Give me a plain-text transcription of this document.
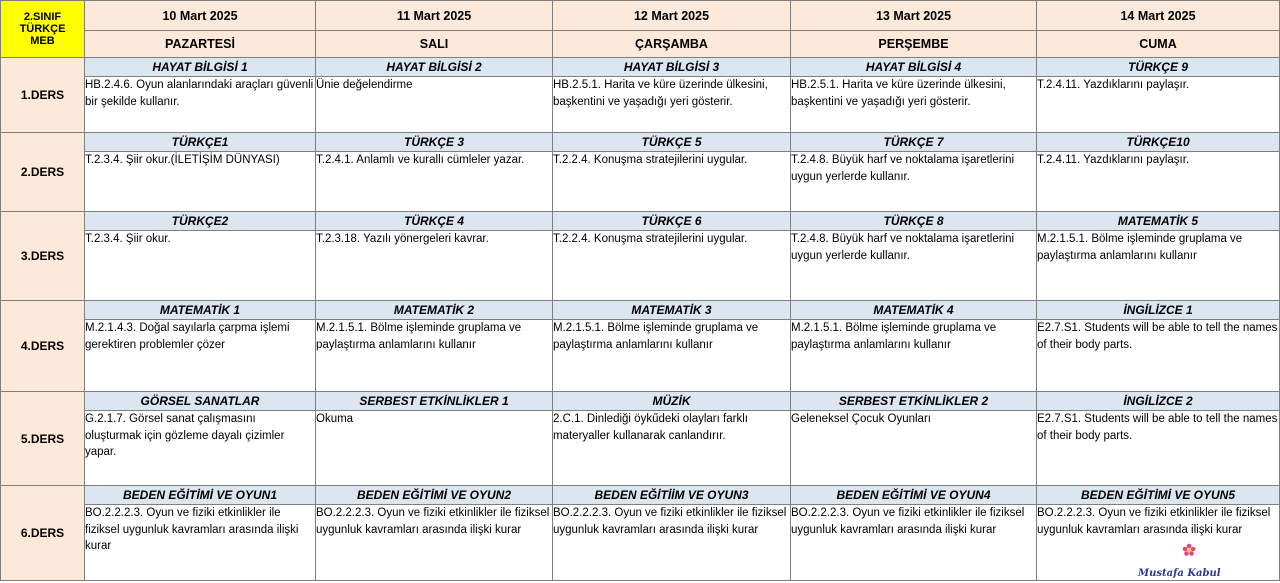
2.SINIF
TÜRKÇE
MEB	10 Mart 2025	11 Mart 2025	12 Mart 2025	13 Mart 2025	14 Mart 2025
	PAZARTESİ	SALI	ÇARŞAMBA	PERŞEMBE	CUMA
1.DERS	HAYAT BİLGİSİ 1	HAYAT BİLGİSİ 2	HAYAT BİLGİSİ 3	HAYAT BİLGİSİ 4	TÜRKÇE 9
	HB.2.4.6. Oyun alanlarındaki araçları güvenli bir şekilde kullanır.	Ünie değelendirme	HB.2.5.1. Harita ve küre üzerinde ülkesini, başkentini ve yaşadığı yeri gösterir.	HB.2.5.1. Harita ve küre üzerinde ülkesini, başkentini ve yaşadığı yeri gösterir.	T.2.4.11. Yazdıklarını paylaşır.
2.DERS	TÜRKÇE1	TÜRKÇE 3	TÜRKÇE 5	TÜRKÇE 7	TÜRKÇE10
	T.2.3.4. Şiir okur.(İLETİŞİM DÜNYASI)	T.2.4.1. Anlamlı ve kurallı cümleler yazar.	T.2.2.4. Konuşma stratejilerini uygular.	T.2.4.8. Büyük harf ve noktalama işaretlerini uygun yerlerde kullanır.	T.2.4.11. Yazdıklarını paylaşır.
3.DERS	TÜRKÇE2	TÜRKÇE 4	TÜRKÇE 6	TÜRKÇE 8	MATEMATİK 5
	T.2.3.4. Şiir okur.	T.2.3.18. Yazılı yönergeleri kavrar.	T.2.2.4. Konuşma stratejilerini uygular.	T.2.4.8. Büyük harf ve noktalama işaretlerini uygun yerlerde kullanır.	M.2.1.5.1. Bölme işleminde gruplama ve paylaştırma anlamlarını kullanır
4.DERS	MATEMATİK 1	MATEMATİK 2	MATEMATİK 3	MATEMATİK 4	İNGİLİZCE 1
	M.2.1.4.3. Doğal sayılarla çarpma işlemi gerektiren problemler çözer	M.2.1.5.1. Bölme işleminde gruplama ve paylaştırma anlamlarını kullanır	M.2.1.5.1. Bölme işleminde gruplama ve paylaştırma anlamlarını kullanır	M.2.1.5.1. Bölme işleminde gruplama ve paylaştırma anlamlarını kullanır	E2.7.S1. Students will be able to tell the names of their body parts.
5.DERS	GÖRSEL SANATLAR	SERBEST ETKİNLİKLER 1	MÜZİK	SERBEST ETKİNLİKLER 2	İNGİLİZCE 2
	G.2.1.7. Görsel sanat çalışmasını oluşturmak için gözleme dayalı çizimler yapar.	Okuma	2.C.1. Dinlediği öykűdeki olayları farklı materyaller kullanarak canlandırır.	Geleneksel Çocuk Oyunları	E2.7.S1. Students will be able to tell the names of their body parts.
6.DERS	BEDEN EĞİTİMİ VE OYUN1	BEDEN EĞİTİMİ VE OYUN2	BEDEN EĞİTİİM VE OYUN3	BEDEN EĞİTİMİ VE OYUN4	BEDEN EĞİTİMİ VE OYUN5
	BO.2.2.2.3. Oyun ve fiziki etkinlikler ile fiziksel uygunluk kavramları arasında ilişki kurar	BO.2.2.2.3. Oyun ve fiziki etkinlikler ile fiziksel uygunluk kavramları arasında ilişki kurar	BO.2.2.2.3. Oyun ve fiziki etkinlikler ile fiziksel uygunluk kavramları arasında ilişki kurar	BO.2.2.2.3. Oyun ve fiziki etkinlikler ile fiziksel uygunluk kavramları arasında ilişki kurar	BO.2.2.2.3. Oyun ve fiziki etkinlikler ile fiziksel uygunluk kavramları arasında ilişki kurar
Mustafa Kabul
